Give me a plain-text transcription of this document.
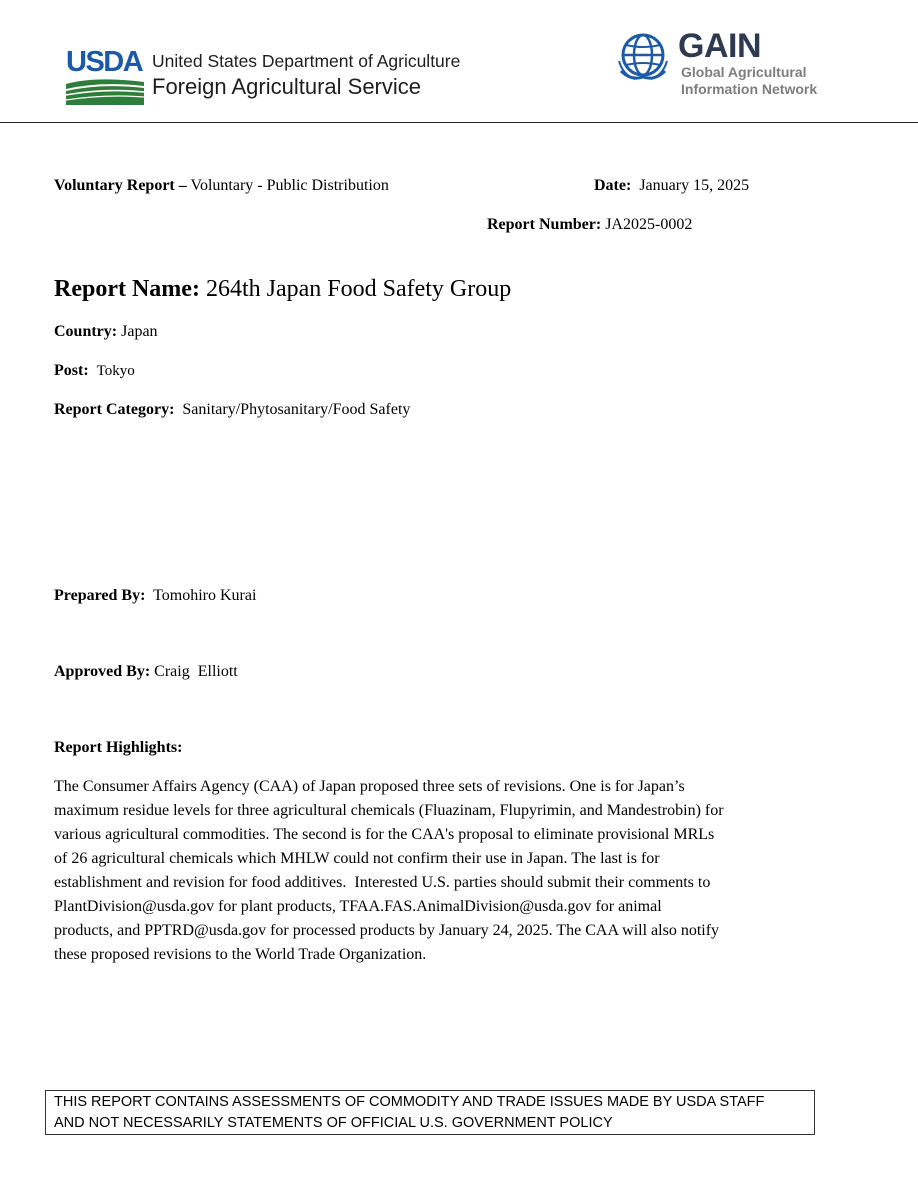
USDA United States Department of Agriculture
Foreign Agricultural Service
GAIN
Global Agricultural
Information Network
Voluntary Report – Voluntary - Public Distribution	Date: January 15, 2025
Report Number: JA2025-0002
Report Name: 264th Japan Food Safety Group
Country: Japan
Post: Tokyo
Report Category: Sanitary/Phytosanitary/Food Safety
Prepared By: Tomohiro Kurai
Approved By: Craig  Elliott
Report Highlights:
The Consumer Affairs Agency (CAA) of Japan proposed three sets of revisions. One is for Japan’s
maximum residue levels for three agricultural chemicals (Fluazinam, Flupyrimin, and Mandestrobin) for
various agricultural commodities. The second is for the CAA's proposal to eliminate provisional MRLs
of 26 agricultural chemicals which MHLW could not confirm their use in Japan. The last is for
establishment and revision for food additives.  Interested U.S. parties should submit their comments to
PlantDivision@usda.gov for plant products, TFAA.FAS.AnimalDivision@usda.gov for animal
products, and PPTRD@usda.gov for processed products by January 24, 2025. The CAA will also notify
these proposed revisions to the World Trade Organization.
THIS REPORT CONTAINS ASSESSMENTS OF COMMODITY AND TRADE ISSUES MADE BY USDA STAFF
AND NOT NECESSARILY STATEMENTS OF OFFICIAL U.S. GOVERNMENT POLICY
